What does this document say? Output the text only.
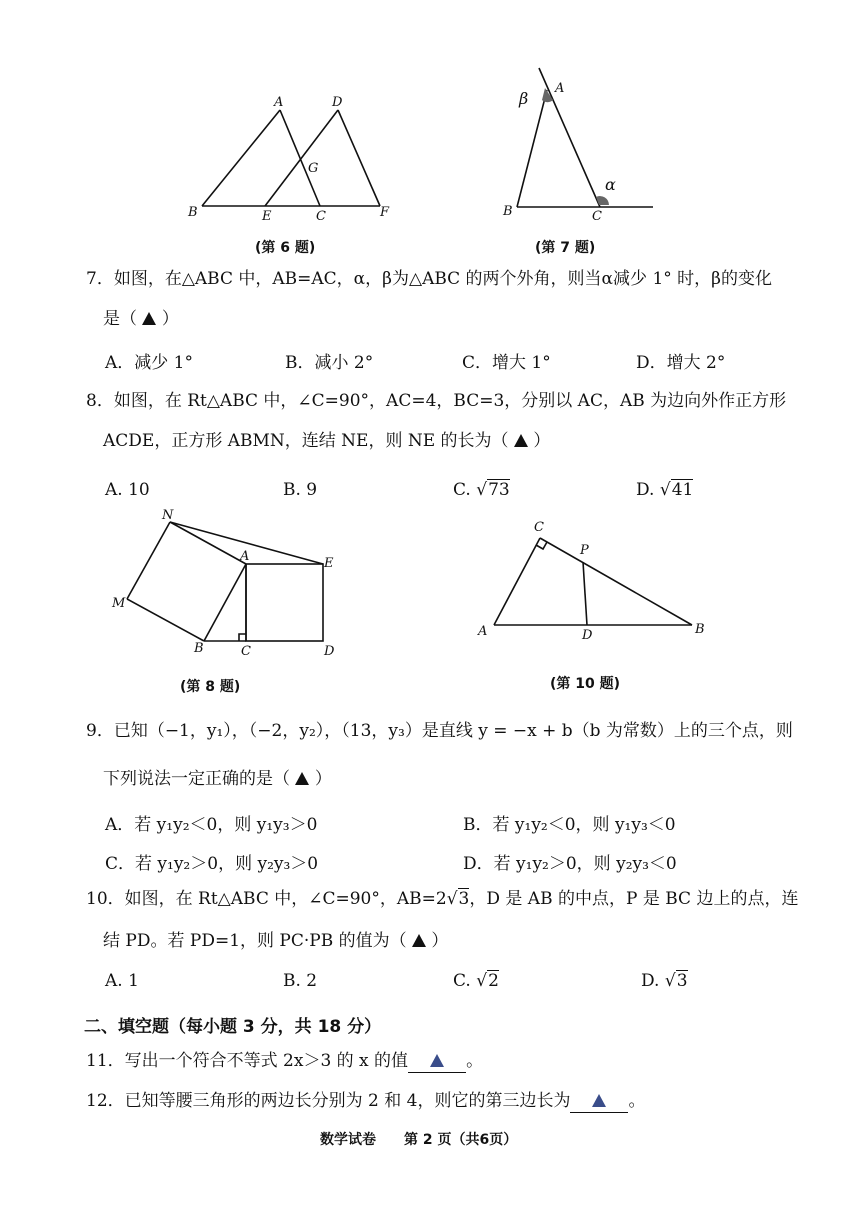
A	D
G
B	E	C	F
(第 6 题)
β
A
α
B	C
(第 7 题)
7．如图，在△ABC 中，AB=AC，α，β为△ABC 的两个外角，则当α减少 1° 时，β的变化
是（ ）
A．减少 1°	B．减小 2°	C．增大 1°	D．增大 2°
8．如图，在 Rt△ABC 中，∠C=90°，AC=4，BC=3，分别以 AC，AB 为边向外作正方形
ACDE，正方形 ABMN，连结 NE，则 NE 的长为（ ）
A. 10	B. 9	C. √73	D. √41
N
A	E
M
B	C	D
(第 8 题)
C
P
A	D	B
(第 10 题)
9．已知（−1，y₁），（−2，y₂），（13，y₃）是直线 y = −x + b（b 为常数）上的三个点，则
下列说法一定正确的是（ ）
A．若 y₁y₂＜0，则 y₁y₃＞0	B．若 y₁y₂＜0，则 y₁y₃＜0
C．若 y₁y₂＞0，则 y₂y₃＞0	D．若 y₁y₂＞0，则 y₂y₃＜0
10．如图，在 Rt△ABC 中，∠C=90°，AB=2√3，D 是 AB 的中点，P 是 BC 边上的点，连
结 PD。若 PD=1，则 PC·PB 的值为（ ）
A. 1	B. 2	C. √2	D. √3
二、填空题（每小题 3 分，共 18 分）
11．写出一个符合不等式 2x＞3 的 x 的值	。
12．已知等腰三角形的两边长分别为 2 和 4，则它的第三边长为	。
数学试卷　　第 2 页（共6页）
